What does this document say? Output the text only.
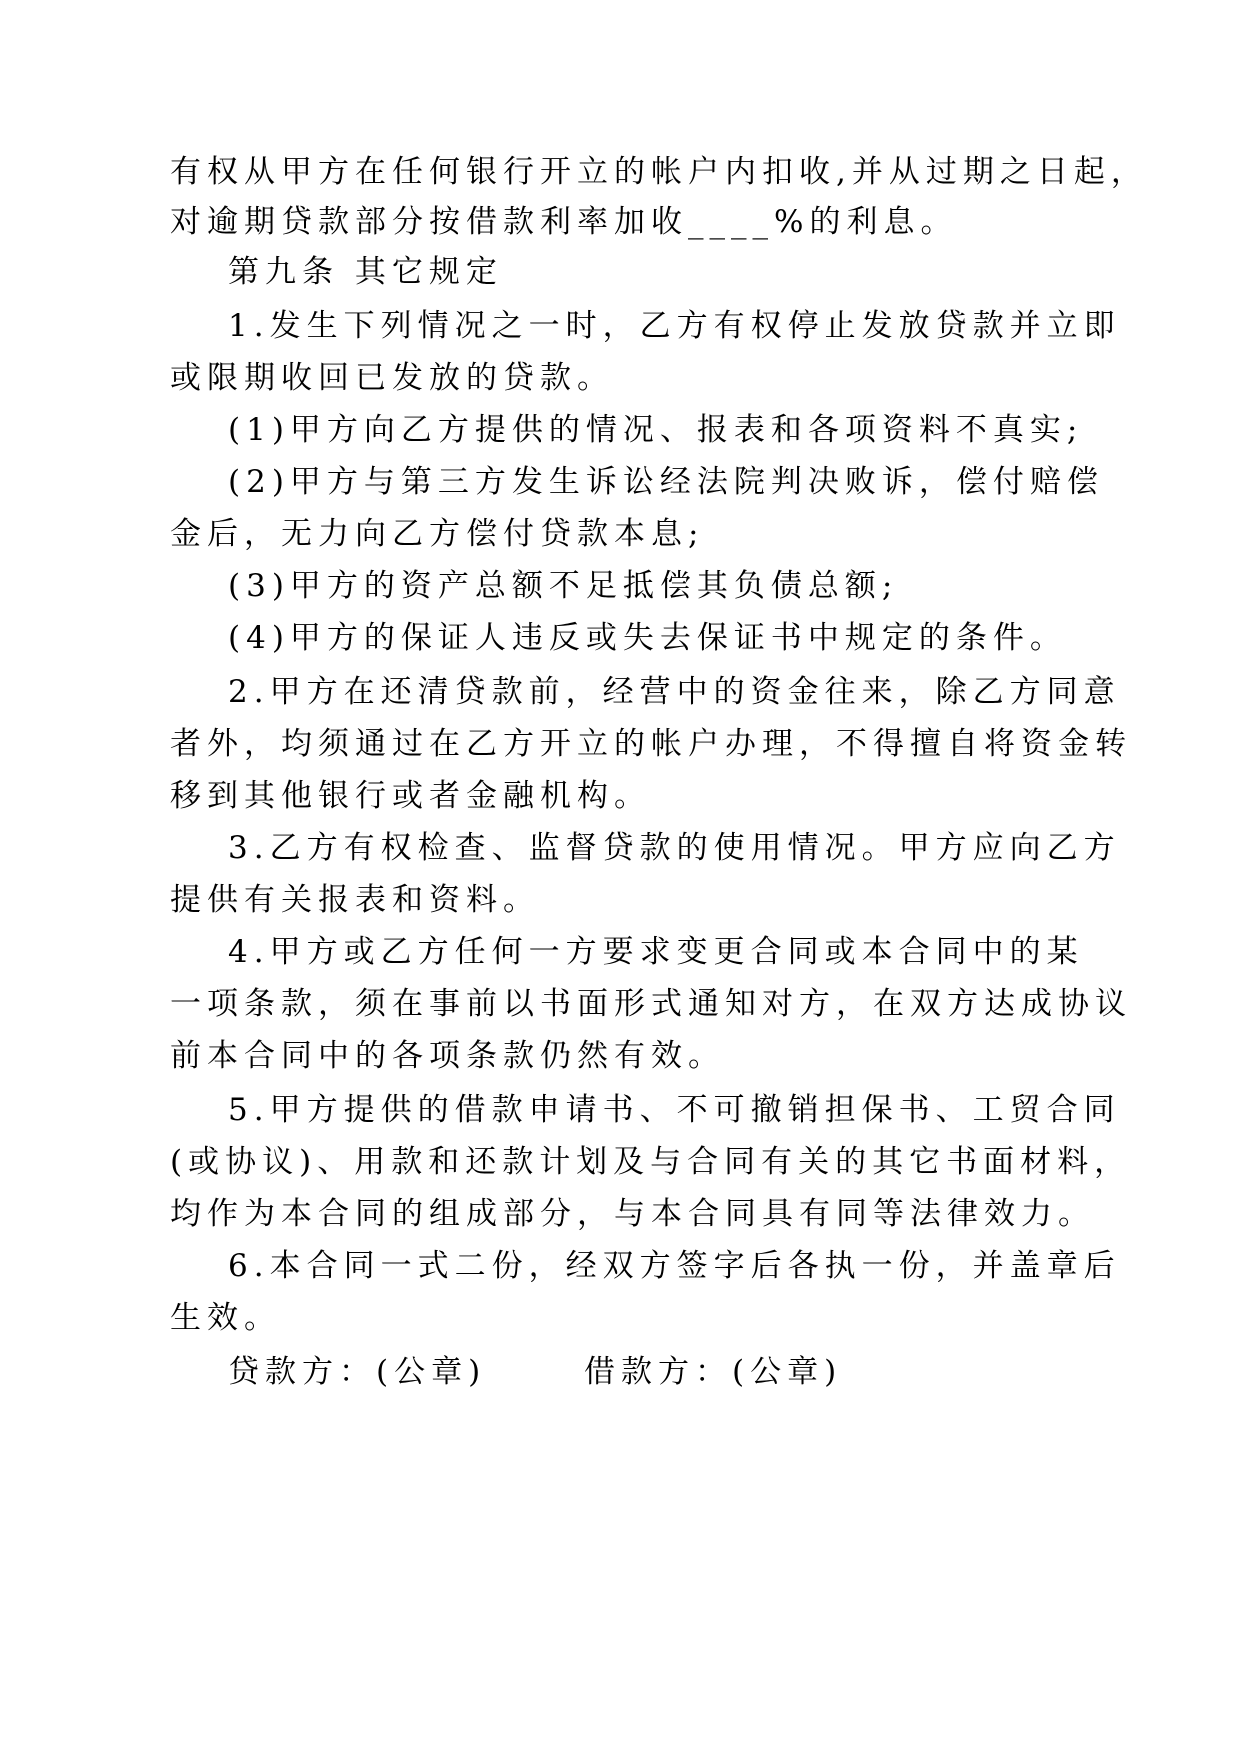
有权从甲方在任何银行开立的帐户内扣收,并从过期之日起，
对逾期贷款部分按借款利率加收____%的利息。
第九条 其它规定
1.发生下列情况之一时，乙方有权停止发放贷款并立即
或限期收回已发放的贷款。
(1)甲方向乙方提供的情况、报表和各项资料不真实;
(2)甲方与第三方发生诉讼经法院判决败诉，偿付赔偿
金后，无力向乙方偿付贷款本息;
(3)甲方的资产总额不足抵偿其负债总额;
(4)甲方的保证人违反或失去保证书中规定的条件。
2.甲方在还清贷款前，经营中的资金往来，除乙方同意
者外，均须通过在乙方开立的帐户办理，不得擅自将资金转
移到其他银行或者金融机构。
3.乙方有权检查、监督贷款的使用情况。甲方应向乙方
提供有关报表和资料。
4.甲方或乙方任何一方要求变更合同或本合同中的某
一项条款，须在事前以书面形式通知对方，在双方达成协议
前本合同中的各项条款仍然有效。
5.甲方提供的借款申请书、不可撤销担保书、工贸合同
(或协议)、用款和还款计划及与合同有关的其它书面材料，
均作为本合同的组成部分，与本合同具有同等法律效力。
6.本合同一式二份，经双方签字后各执一份，并盖章后
生效。
贷款方：(公章)	借款方：(公章)
